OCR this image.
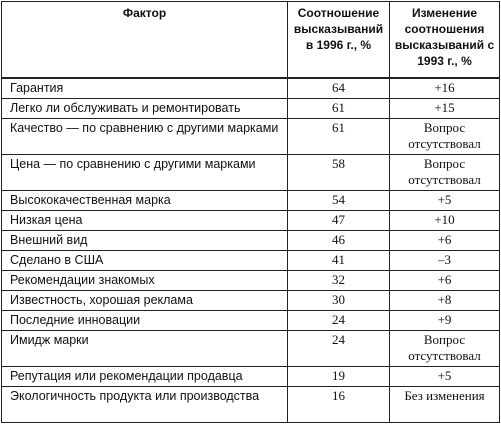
Фактор	Соотношение высказываний в 1996 г., %	Изменение соотношения высказываний с 1993 г., %
Гарантия	64	+16
Легко ли обслуживать и ремонтировать	61	+15
Качество — по сравнению с другими марками	61	Вопрос отсутствовал
Цена — по сравнению с другими марками	58	Вопрос отсутствовал
Высококачественная марка	54	+5
Низкая цена	47	+10
Внешний вид	46	+6
Сделано в США	41	–3
Рекомендации знакомых	32	+6
Известность, хорошая реклама	30	+8
Последние инновации	24	+9
Имидж марки	24	Вопрос отсутствовал
Репутация или рекомендации продавца	19	+5
Экологичность продукта или производства	16	Без изменения
